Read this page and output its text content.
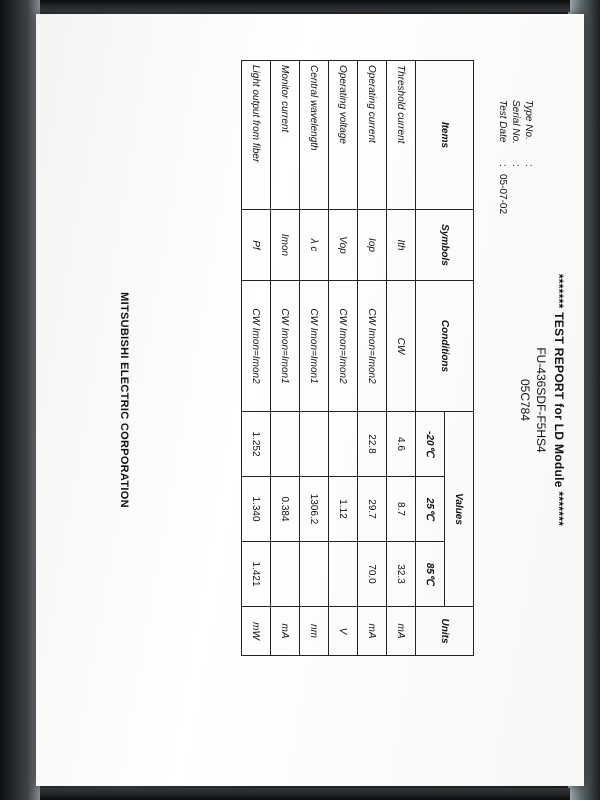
******* TEST REPORT for LD Module *******
FU-436SDF-F5HS4
05C784
Type No.
:
Serial No.
:
Test Date
:
05-07-02
Items	Symbols	Conditions	Values			Units
			-20℃	25℃	85℃	
Threshold current	Ith	CW	4.6	8.7	32.3	mA
Operating current	Iop	CW Imon=Imon2	22.8	29.7	70.0	mA
Operating voltage	Vop	CW Imon=Imon2		1.12		V
Central wavelength	λ c	CW Imon=Imon1		1306.2		nm
Monitor current	Imon	CW Imon=Imon1		0.384		mA
Light output from fiber	Pf	CW Imon=Imon2	1.252	1.340	1.421	mW
MITSUBISHI ELECTRIC CORPORATION
